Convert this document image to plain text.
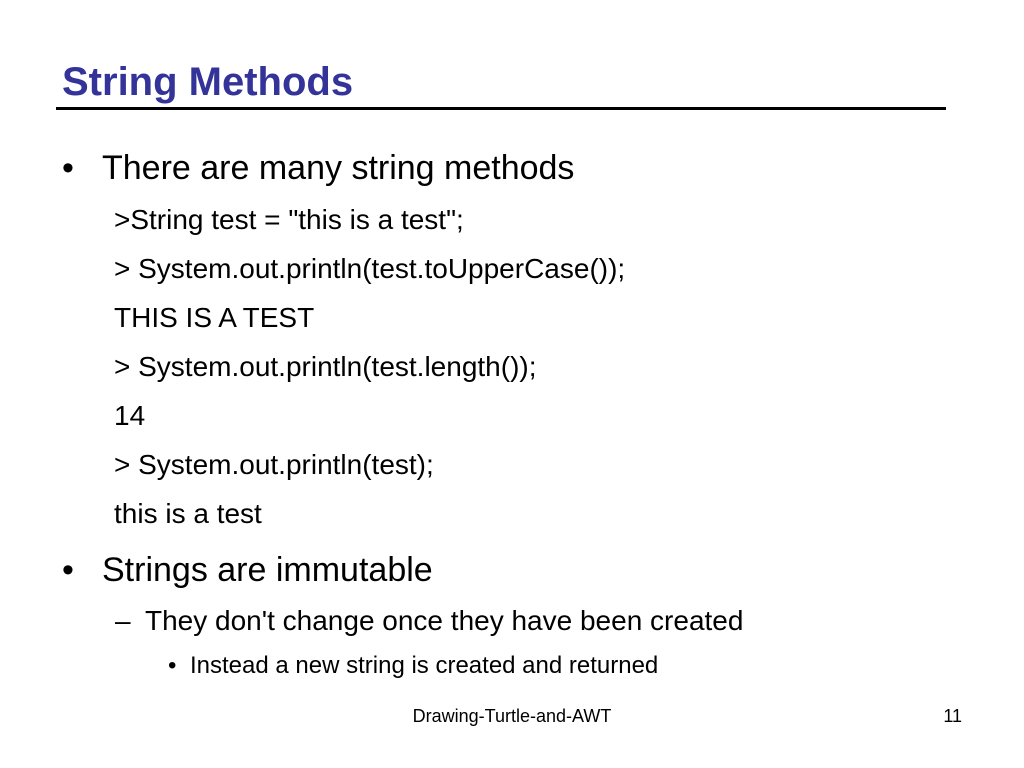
String Methods
• There are many string methods
>String test = "this is a test";
> System.out.println(test.toUpperCase());
THIS IS A TEST
> System.out.println(test.length());
14
> System.out.println(test);
this is a test
• Strings are immutable
– They don't change once they have been created
• Instead a new string is created and returned
Drawing-Turtle-and-AWT	11
